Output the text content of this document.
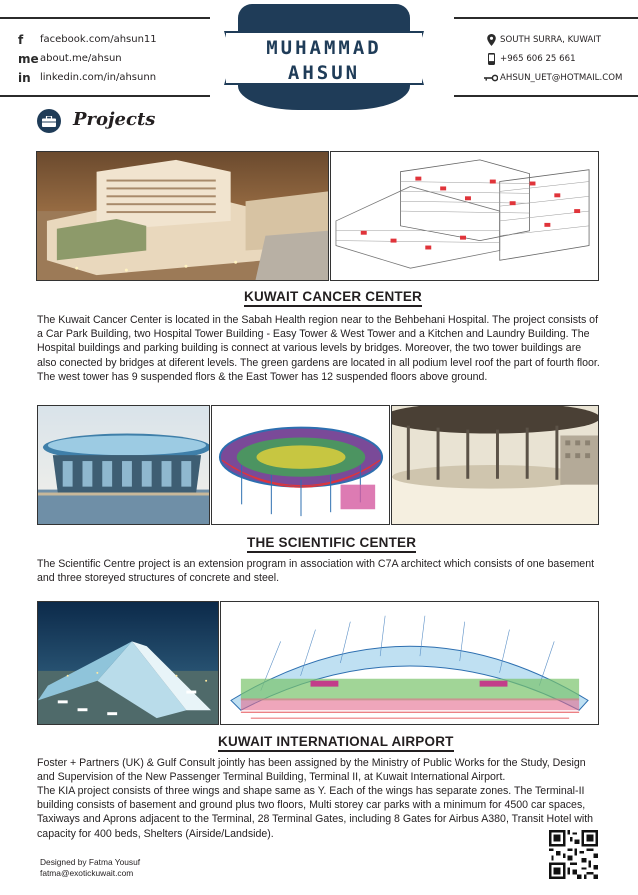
f	facebook.com/ahsun11
me about.me/ahsun
in linkedin.com/in/ahsunn
MUHAMMAD
AHSUN
SOUTH SURRA, KUWAIT
+965 606 25 661
AHSUN_UET@HOTMAIL.COM
Projects
KUWAIT CANCER CENTER
The Kuwait Cancer Center is located in the Sabah Health region near to the Behbehani Hospital. The project consists of a Car Park Building, two Hospital Tower Building - Easy Tower & West Tower and a Kitchen and Laundry Building. The Hospital buildings and parking building is connect at various levels by bridges. Moreover, the two tower buildings are also conected by bridges at diferent levels. The green gardens are located in all podium level roof the part of fourth floor. The west tower has 9 suspended flors & the East Tower has 12 suspended floors above ground.
THE SCIENTIFIC CENTER
The Scientific Centre project is an extension program in association with C7A architect which consists of one basement and three storeyed structures of concrete and steel.
KUWAIT INTERNATIONAL AIRPORT
Foster + Partners (UK) & Gulf Consult jointly has been assigned by the Ministry of Public Works for the Study, Design and Supervision of the New Passenger Terminal Building, Terminal II, at Kuwait International Airport.
The KIA project consists of three wings and shape same as Y. Each of the wings has separate zones. The Terminal-II building consists of basement and ground plus two floors, Multi storey car parks with a minimum for 4500 car spaces, Taxiways and Aprons adjacent to the Terminal, 28 Terminal Gates, including 8 Gates for Airbus A380, Transit Hotel with capacity for 400 beds, Shelters (Airside/Landside).
Designed by Fatma Yousuf
fatma@exotickuwait.com
